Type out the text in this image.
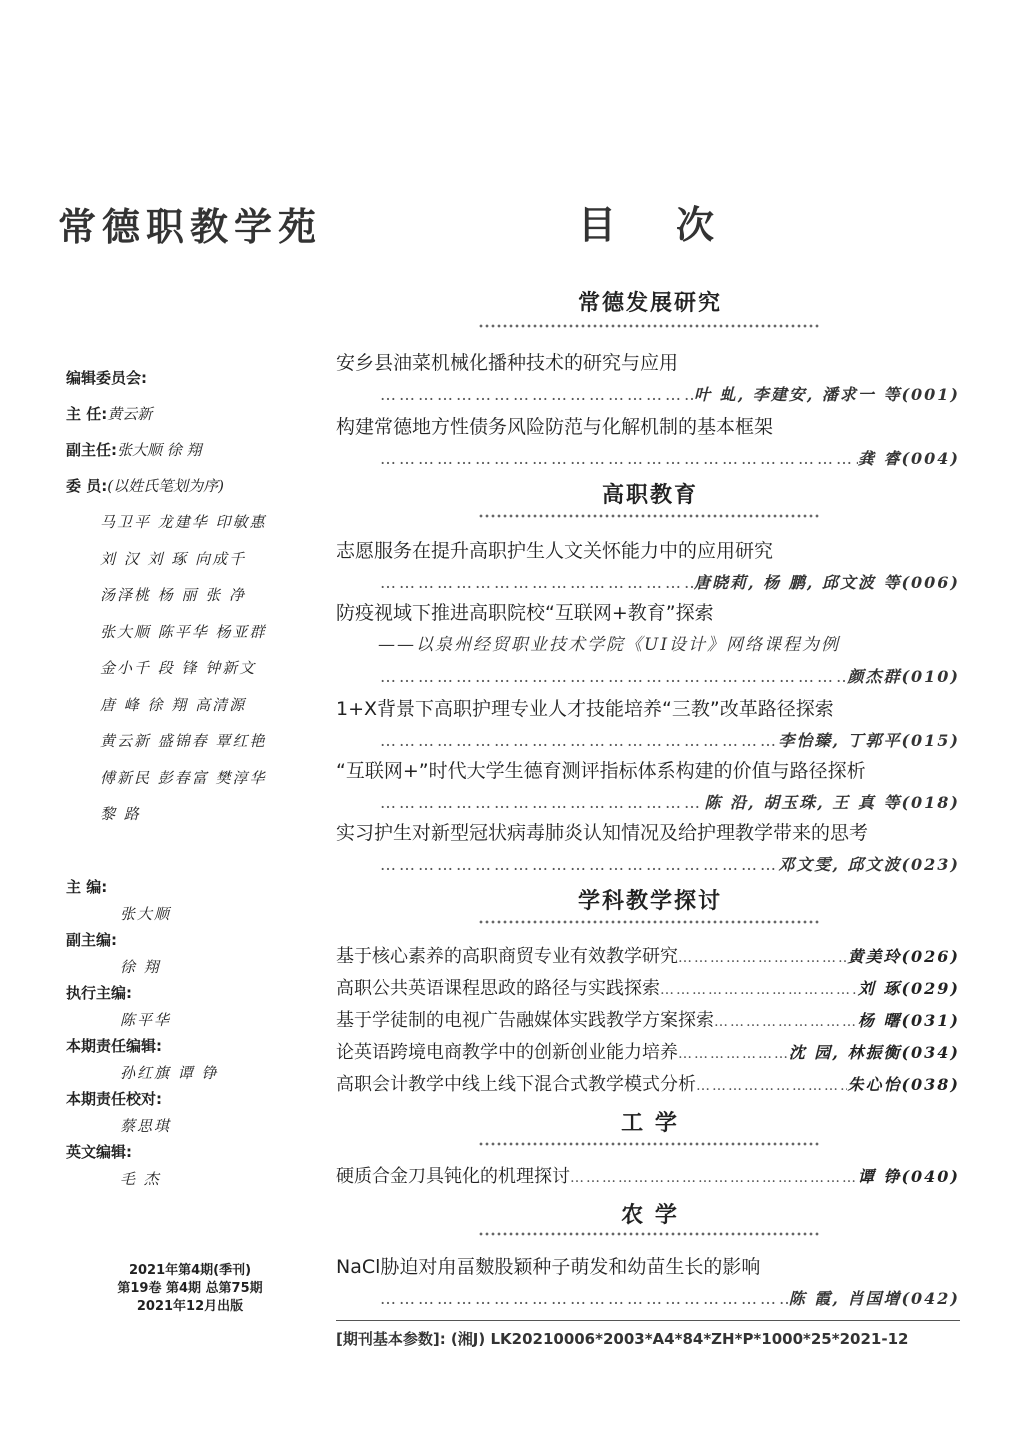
常德职教学苑	目次
编辑委员会:
主 任:黄云新
副主任:张大顺 徐 翔
委 员:(以姓氏笔划为序)
马卫平 龙建华 印敏惠
刘 汉 刘 琢 向成千
汤泽桃 杨 丽 张 净
张大顺 陈平华 杨亚群
金小千 段 锋 钟新文
唐 峰 徐 翔 高清源
黄云新 盛锦春 覃红艳
傅新民 彭春富 樊淳华
黎 路
主 编:
张大顺
副主编:
徐 翔
执行主编:
陈平华
本期责任编辑:
孙红旗 谭 铮
本期责任校对:
蔡思琪
英文编辑:
毛 杰
2021年第4期(季刊)
第19卷 第4期 总第75期
2021年12月出版
常德发展研究
安乡县油菜机械化播种技术的研究与应用
……………………………………………………………………………………………………………………………………
叶 虬, 李建安, 潘求一 等(001)
构建常德地方性债务风险防范与化解机制的基本框架
……………………………………………………………………………………………………………………………………
龚 睿(004)
高职教育
志愿服务在提升高职护生人文关怀能力中的应用研究
……………………………………………………………………………………………………………………………………
唐晓莉, 杨 鹏, 邱文波 等(006)
防疫视域下推进高职院校“互联网+教育”探索
——以泉州经贸职业技术学院《UI设计》网络课程为例
……………………………………………………………………………………………………………………………………
颜杰群(010)
1+X背景下高职护理专业人才技能培养“三教”改革路径探索
……………………………………………………………………………………………………………………………………
李怡臻, 丁郭平(015)
“互联网+”时代大学生德育测评指标体系构建的价值与路径探析
……………………………………………………………………………………………………………………………………
陈 沿, 胡玉珠, 王 真 等(018)
实习护生对新型冠状病毒肺炎认知情况及给护理教学带来的思考
……………………………………………………………………………………………………………………………………
邓文雯, 邱文波(023)
学科教学探讨
基于核心素养的高职商贸专业有效教学研究 ……………………………………………………………………………………………………………………	黄美玲(026)
高职公共英语课程思政的路径与实践探索 ……………………………………………………………………………………………………………………	刘 琢(029)
基于学徒制的电视广告融媒体实践教学方案探索 ……………………………………………………………………………………………………………………	杨 曙(031)
论英语跨境电商教学中的创新创业能力培养 ……………………………………………………………………………………………………………………	沈 园, 林振衡(034)
高职会计教学中线上线下混合式教学模式分析 ……………………………………………………………………………………………………………………	朱心怡(038)
工 学
硬质合金刀具钝化的机理探讨 ……………………………………………………………………………………………………………………	谭 铮(040)
农 学
NaCl胁迫对甪畐麬股颖种子萌发和幼苗生长的影响
……………………………………………………………………………………………………………………………………
陈 霞, 肖国增(042)
[期刊基本参数]: (湘J) LK20210006*2003*A4*84*ZH*P*1000*25*2021-12
